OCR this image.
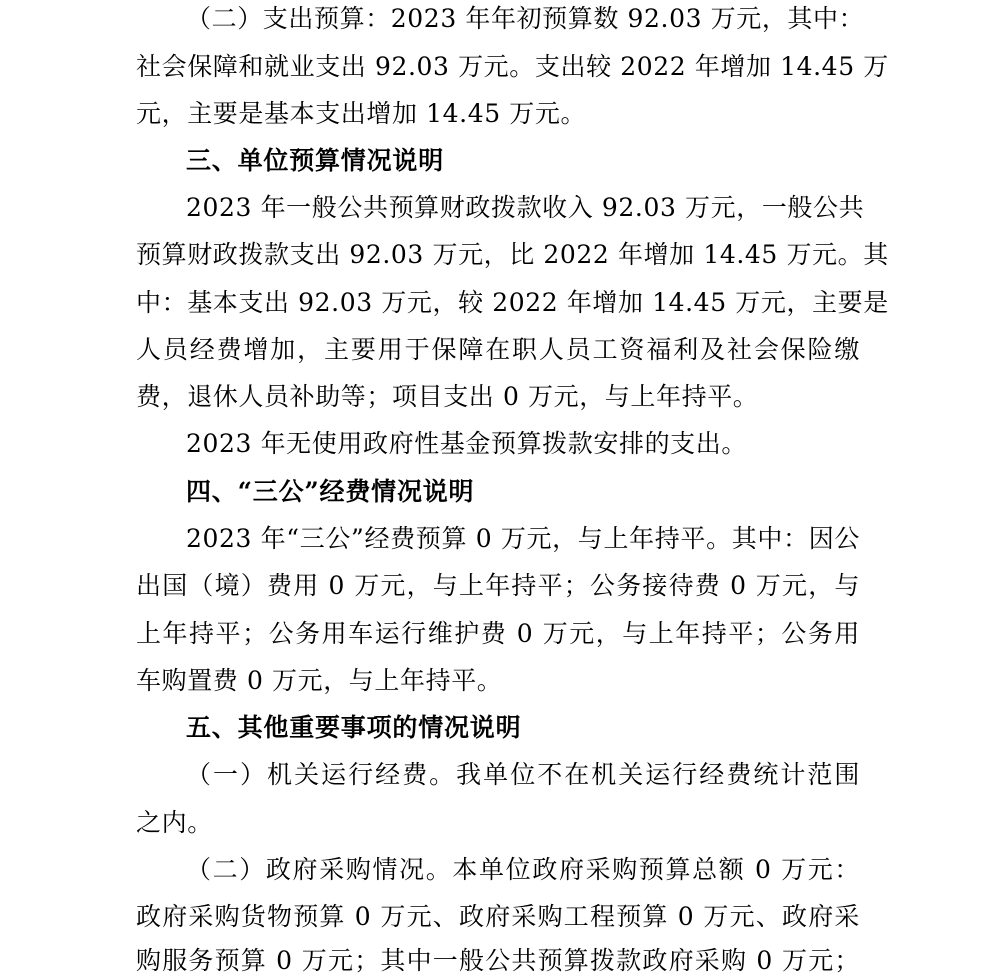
（二）支出预算：2023 年年初预算数 92.03 万元，其中：
社会保障和就业支出 92.03 万元。支出较 2022 年增加 14.45 万
元，主要是基本支出增加 14.45 万元。
三、单位预算情况说明
2023 年一般公共预算财政拨款收入 92.03 万元，一般公共
预算财政拨款支出 92.03 万元，比 2022 年增加 14.45 万元。其
中：基本支出 92.03 万元，较 2022 年增加 14.45 万元，主要是
人员经费增加，主要用于保障在职人员工资福利及社会保险缴
费，退休人员补助等；项目支出 0 万元，与上年持平。
2023 年无使用政府性基金预算拨款安排的支出。
四、“三公”经费情况说明
2023 年“三公”经费预算 0 万元，与上年持平。其中：因公
出国（境）费用 0 万元，与上年持平；公务接待费 0 万元，与
上年持平；公务用车运行维护费 0 万元，与上年持平；公务用
车购置费 0 万元，与上年持平。
五、其他重要事项的情况说明
（一）机关运行经费。我单位不在机关运行经费统计范围
之内。
（二）政府采购情况。本单位政府采购预算总额 0 万元：
政府采购货物预算 0 万元、政府采购工程预算 0 万元、政府采
购服务预算 0 万元；其中一般公共预算拨款政府采购 0 万元；
